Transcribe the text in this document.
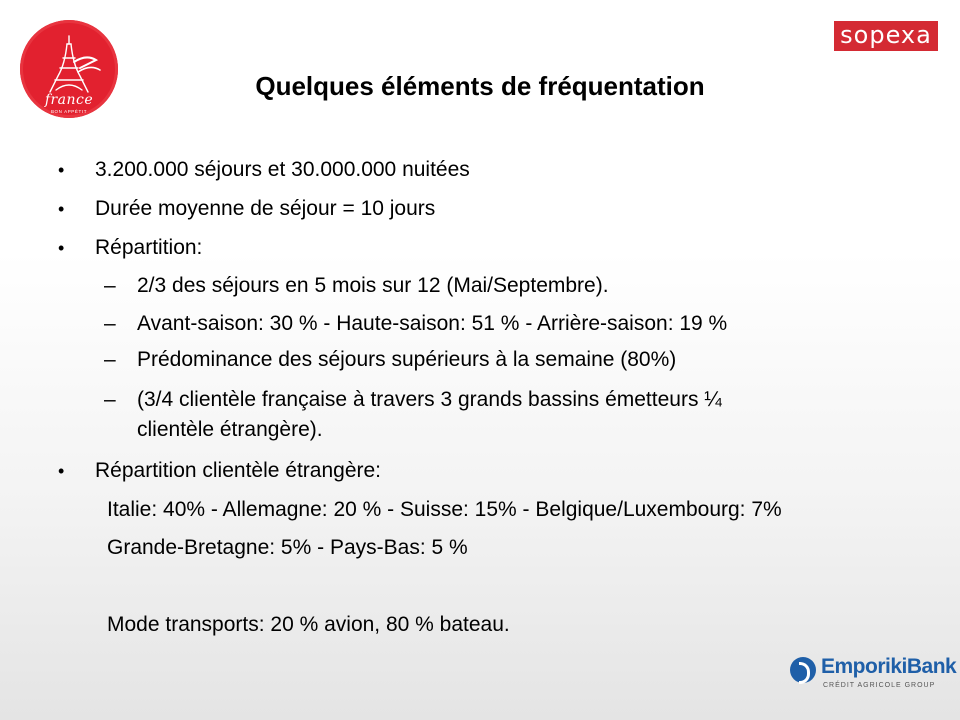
france
BON APPÉTIT
sopexa
Quelques éléments de fréquentation
• 3.200.000 séjours et 30.000.000 nuitées
• Durée moyenne de séjour = 10 jours
• Répartition:
– 2/3 des séjours en 5 mois sur 12 (Mai/Septembre).
– Avant-saison: 30 % - Haute-saison: 51 % - Arrière-saison: 19 %
– Prédominance des séjours supérieurs à la semaine (80%)
– (3/4 clientèle française à travers 3 grands bassins émetteurs ¼
clientèle étrangère).
• Répartition clientèle étrangère:
Italie: 40% - Allemagne: 20 % - Suisse: 15% - Belgique/Luxembourg: 7%
Grande-Bretagne: 5% - Pays-Bas: 5 %
Mode transports: 20 % avion, 80 % bateau.
EmporikiBank
CRÉDIT AGRICOLE GROUP
